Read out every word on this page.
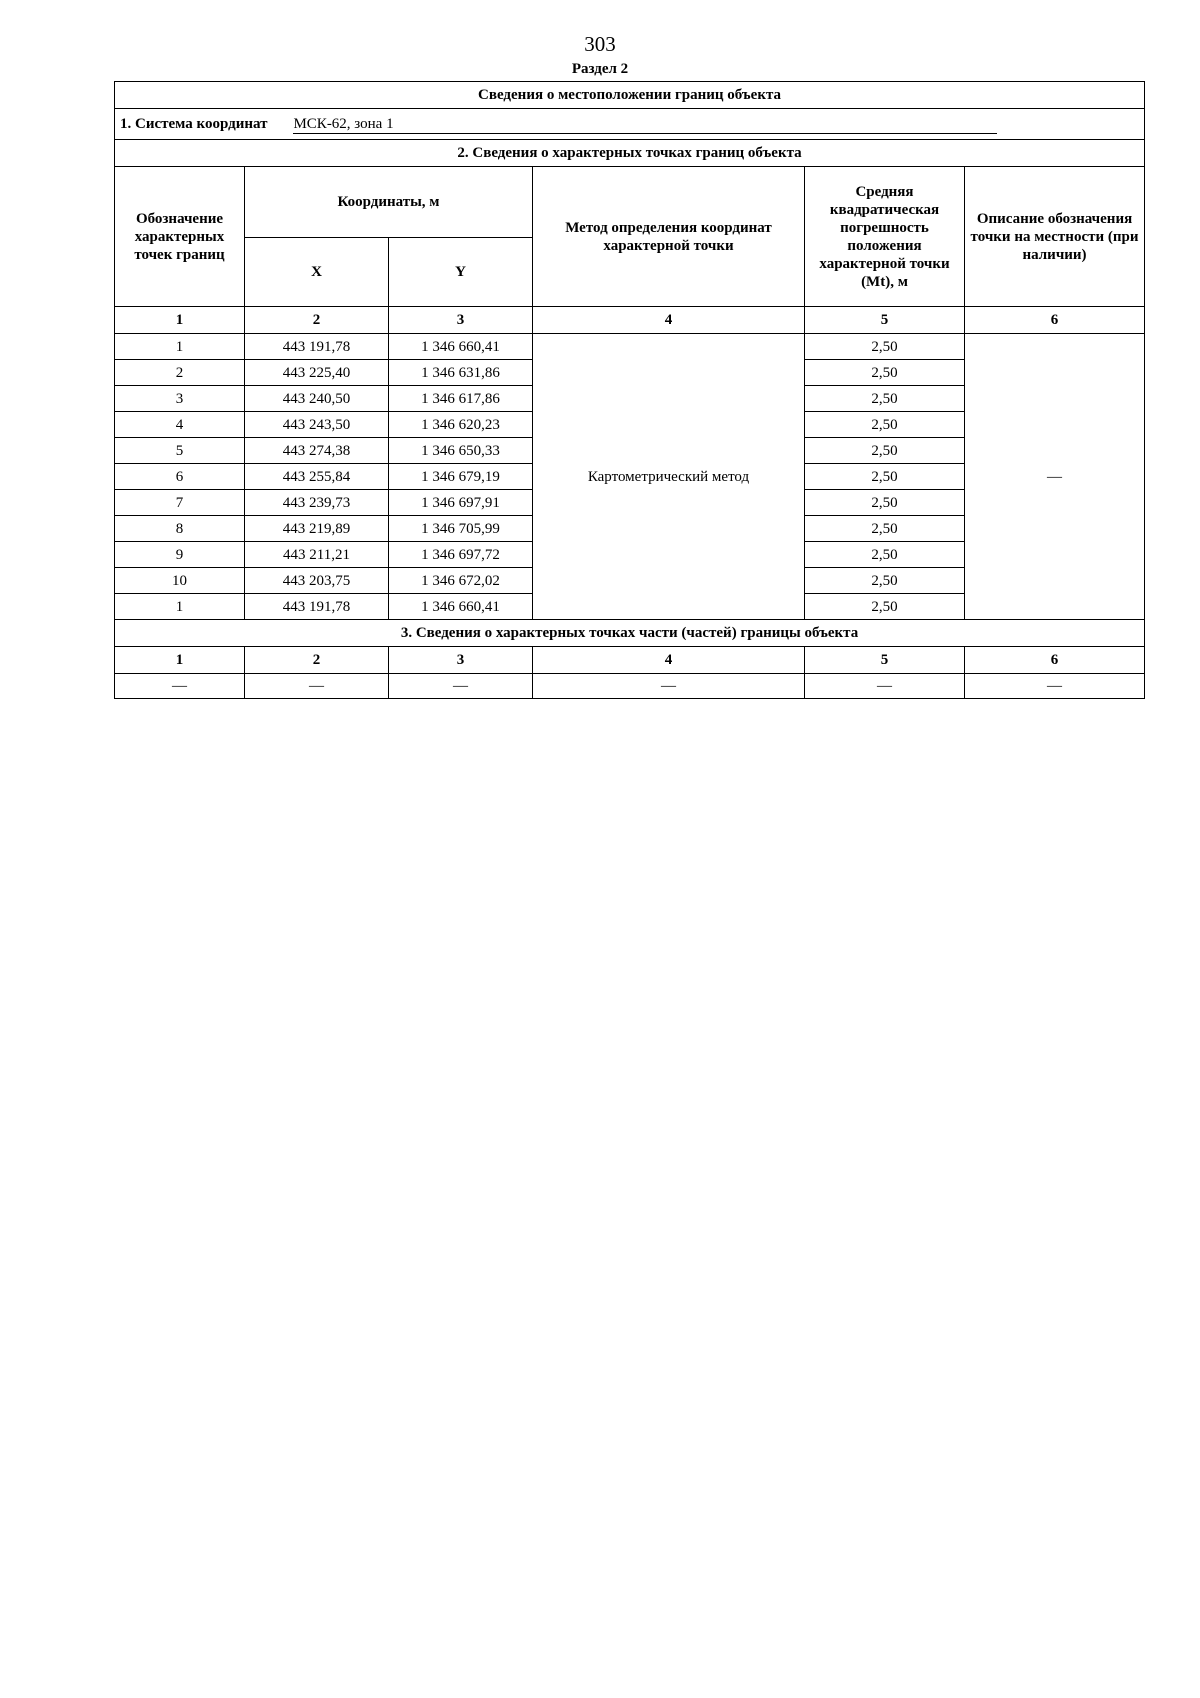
303
Раздел 2
Сведения о местоположении границ объекта					
1. Система координат МСК-62, зона 1					
2. Сведения о характерных точках границ объекта					
Обозначение характерных точек границ	Координаты, м		Метод определения координат характерной точки	Средняя квадратическая погрешность положения характерной точки (Mt), м	Описание обозначения точки на местности (при наличии)
	X	Y			
1	2	3	4	5	6
1	443 191,78	1 346 660,41	Картометрический метод	2,50	—
2	443 225,40	1 346 631,86		2,50	
3	443 240,50	1 346 617,86		2,50	
4	443 243,50	1 346 620,23		2,50	
5	443 274,38	1 346 650,33		2,50	
6	443 255,84	1 346 679,19		2,50	
7	443 239,73	1 346 697,91		2,50	
8	443 219,89	1 346 705,99		2,50	
9	443 211,21	1 346 697,72		2,50	
10	443 203,75	1 346 672,02		2,50	
1	443 191,78	1 346 660,41		2,50	
3. Сведения о характерных точках части (частей) границы объекта					
1	2	3	4	5	6
—	—	—	—	—	—
